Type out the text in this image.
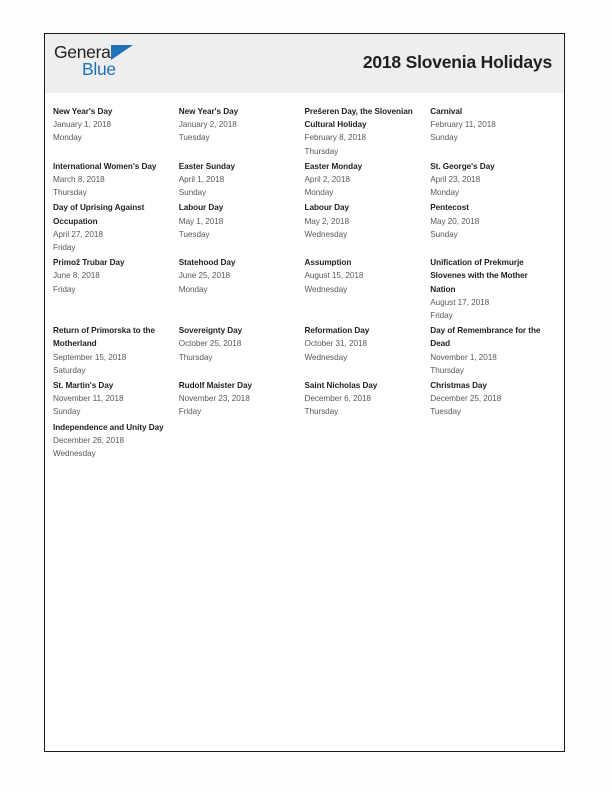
General
Blue	2018 Slovenia Holidays
New Year's Day
January 1, 2018
Monday
New Year's Day
January 2, 2018
Tuesday
Prešeren Day, the Slovenian Cultural Holiday
February 8, 2018
Thursday
Carnival
February 11, 2018
Sunday
International Women's Day
March 8, 2018
Thursday
Easter Sunday
April 1, 2018
Sunday
Easter Monday
April 2, 2018
Monday
St. George's Day
April 23, 2018
Monday
Day of Uprising Against Occupation
April 27, 2018
Friday
Labour Day
May 1, 2018
Tuesday
Labour Day
May 2, 2018
Wednesday
Pentecost
May 20, 2018
Sunday
Primož Trubar Day
June 8, 2018
Friday
Statehood Day
June 25, 2018
Monday
Assumption
August 15, 2018
Wednesday
Unification of Prekmurje Slovenes with the Mother Nation
August 17, 2018
Friday
Return of Primorska to the Motherland
September 15, 2018
Saturday
Sovereignty Day
October 25, 2018
Thursday
Reformation Day
October 31, 2018
Wednesday
Day of Remembrance for the Dead
November 1, 2018
Thursday
St. Martin's Day
November 11, 2018
Sunday
Rudolf Maister Day
November 23, 2018
Friday
Saint Nicholas Day
December 6, 2018
Thursday
Christmas Day
December 25, 2018
Tuesday
Independence and Unity Day
December 26, 2018
Wednesday
